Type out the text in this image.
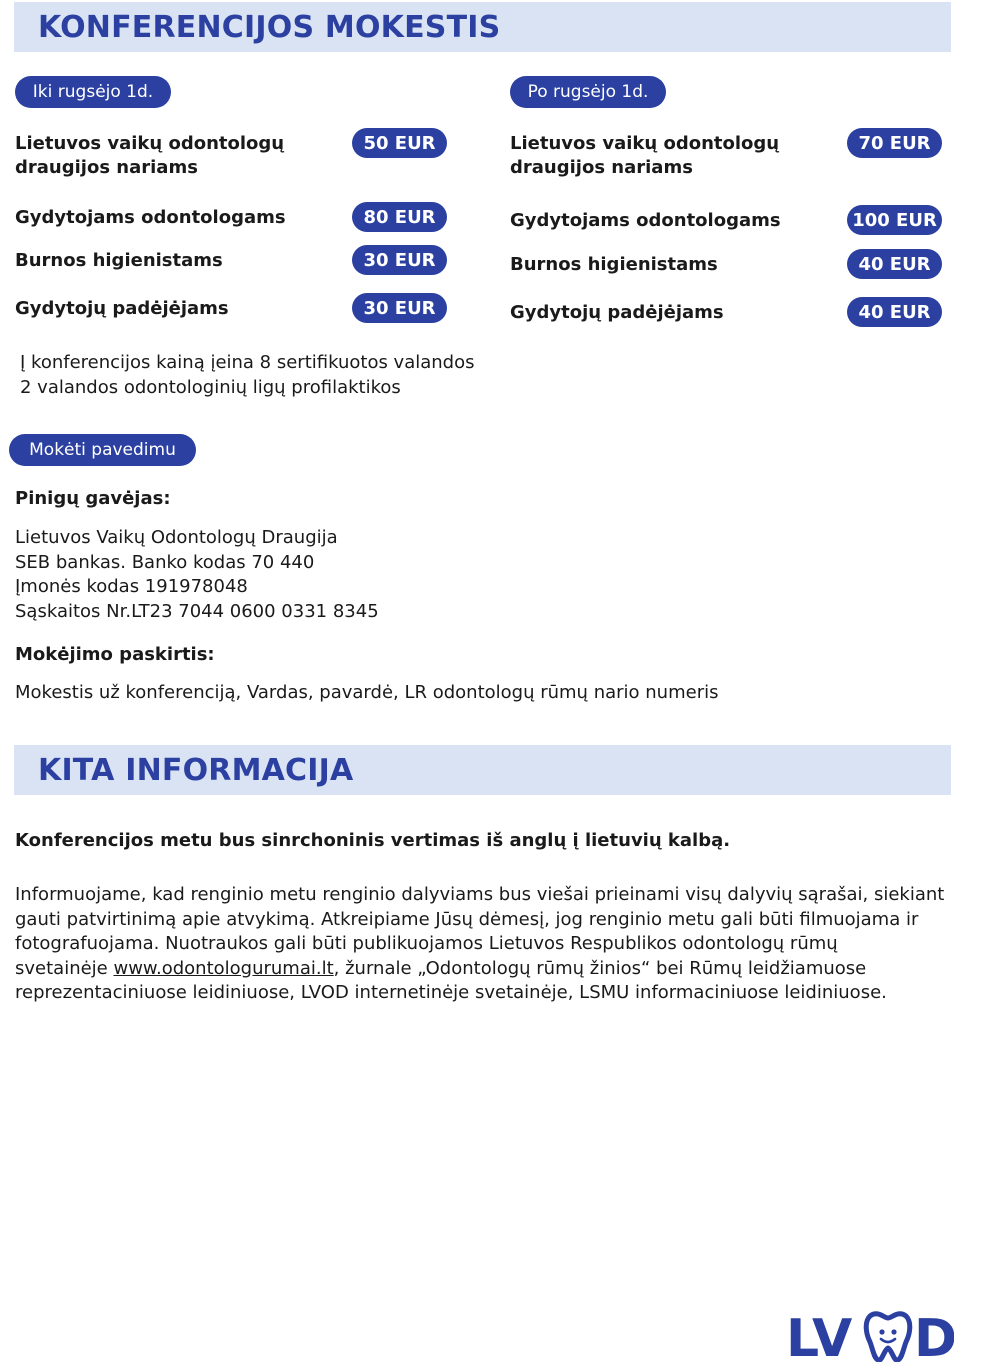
KONFERENCIJOS MOKESTIS
Iki rugsėjo 1d.
Lietuvos vaikų odontologų
draugijos nariams
50 EUR
Gydytojams odontologams	80 EUR
Burnos higienistams	30 EUR
Gydytojų padėjėjams	30 EUR
Po rugsėjo 1d.
Lietuvos vaikų odontologų
draugijos nariams
70 EUR
Gydytojams odontologams	100 EUR
Burnos higienistams	40 EUR
Gydytojų padėjėjams	40 EUR
Į konferencijos kainą įeina 8 sertifikuotos valandos
2 valandos odontologinių ligų profilaktikos
Mokėti pavedimu
Pinigų gavėjas:
Lietuvos Vaikų Odontologų Draugija
SEB bankas. Banko kodas 70 440
Įmonės kodas 191978048
Sąskaitos Nr.LT23 7044 0600 0331 8345
Mokėjimo paskirtis:
Mokestis už konferenciją, Vardas, pavardė, LR odontologų rūmų nario numeris
KITA INFORMACIJA
Konferencijos metu bus sinrchoninis vertimas iš anglų į lietuvių kalbą.
Informuojame, kad renginio metu renginio dalyviams bus viešai prieinami visų dalyvių sąrašai, siekiant
gauti patvirtinimą apie atvykimą. Atkreipiame Jūsų dėmesį, jog renginio metu gali būti filmuojama ir
fotografuojama. Nuotraukos gali būti publikuojamos Lietuvos Respublikos odontologų rūmų
svetainėje www.odontologurumai.lt, žurnale „Odontologų rūmų žinios“ bei Rūmų leidžiamuose
reprezentaciniuose leidiniuose, LVOD internetinėje svetainėje, LSMU informaciniuose leidiniuose.
LV D
